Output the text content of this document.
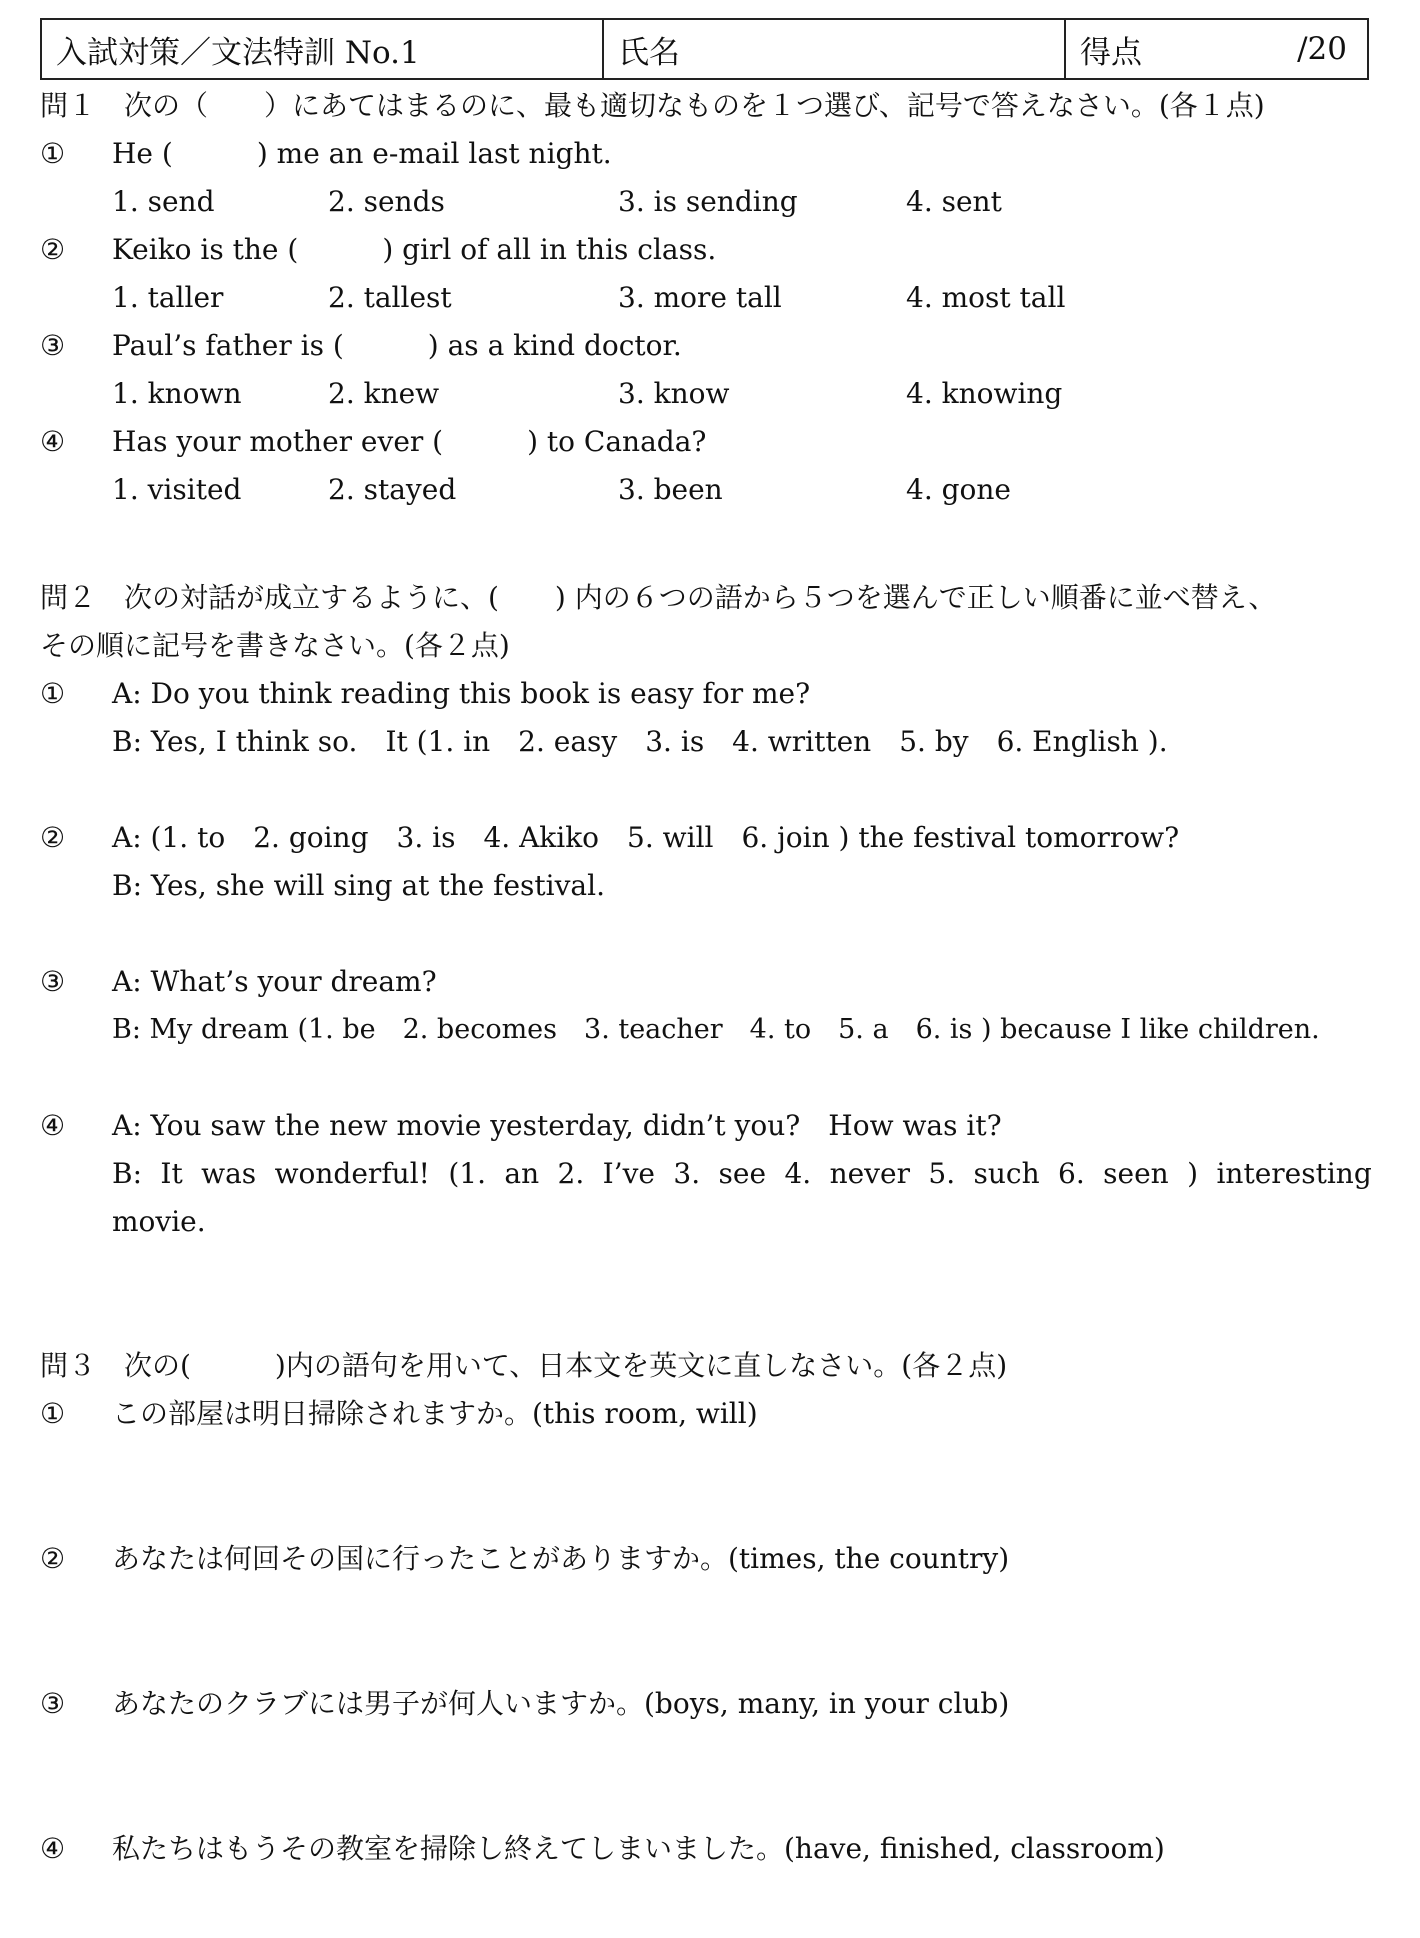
入試対策／文法特訓 No.1	氏名	得点	/20
問１　次の（　　）にあてはまるのに、最も適切なものを１つ選び、記号で答えなさい。(各１点)
① He (　　　) me an e-mail last night.
1. send	2. sends	3. is sending	4. sent
② Keiko is the (　　　) girl of all in this class.
1. taller	2. tallest	3. more tall	4. most tall
③ Paul’s father is (　　　) as a kind doctor.
1. known	2. knew	3. know	4. knowing
④ Has your mother ever (　　　) to Canada?
1. visited	2. stayed	3. been	4. gone
問２　次の対話が成立するように、(　　) 内の６つの語から５つを選んで正しい順番に並べ替え、
その順に記号を書きなさい。(各２点)
① A: Do you think reading this book is easy for me?
B: Yes, I think so.　It (1. in　2. easy　3. is　4. written　5. by　6. English ).
② A: (1. to　2. going　3. is　4. Akiko　5. will　6. join ) the festival tomorrow?
B: Yes, she will sing at the festival.
③ A: What’s your dream?
B: My dream (1. be　2. becomes　3. teacher　4. to　5. a　6. is ) because I like children.
④ A: You saw the new movie yesterday, didn’t you?　How was it?
B: It was wonderful! (1. an 2. I’ve 3. see 4. never 5. such 6. seen ) interesting
movie.
問３　次の(　　　)内の語句を用いて、日本文を英文に直しなさい。(各２点)
① この部屋は明日掃除されますか。(this room, will)
② あなたは何回その国に行ったことがありますか。(times, the country)
③ あなたのクラブには男子が何人いますか。(boys, many, in your club)
④ 私たちはもうその教室を掃除し終えてしまいました。(have, finished, classroom)
